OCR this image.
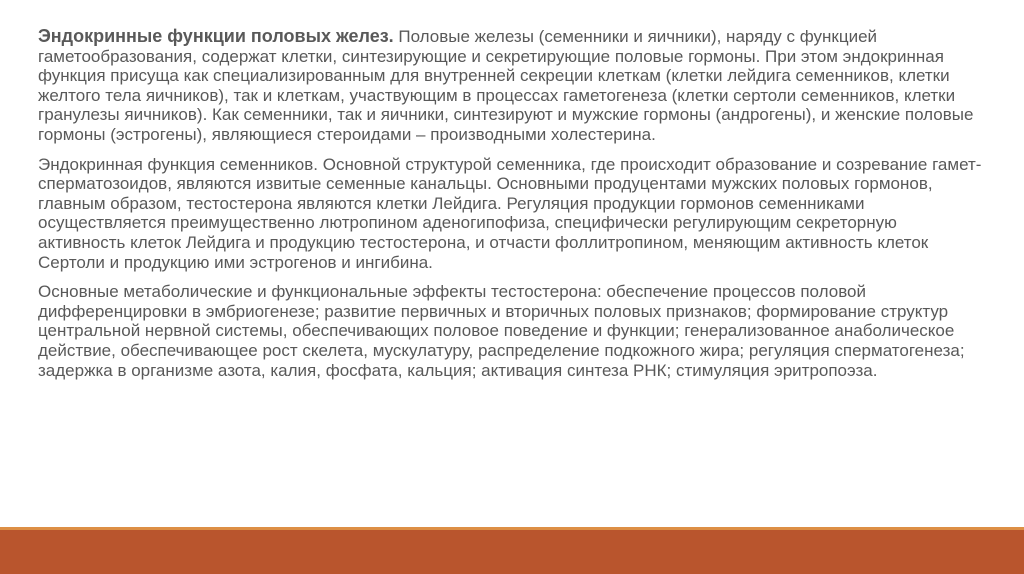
Эндокринные функции половых желез. Половые железы (семенники и яичники), наряду с функцией гаметообразования, содержат клетки, синтезирующие и секретирующие половые гормоны. При этом эндокринная функция присуща как специализированным для внутренней секреции клеткам (клетки лейдига семенников, клетки желтого тела яичников), так и клеткам, участвующим в процессах гаметогенеза (клетки сертоли семенников, клетки гранулезы яичников). Как семенники, так и яичники, синтезируют и мужские гормоны (андрогены), и женские половые гормоны (эстрогены), являющиеся стероидами – производными холестерина.

Эндокринная функция семенников. Основной структурой семенника, где происходит образование и созревание гамет-сперматозоидов, являются извитые семенные канальцы. Основными продуцентами мужских половых гормонов, главным образом, тестостерона являются клетки Лейдига. Регуляция продукции гормонов семенниками осуществляется преимущественно лютропином аденогипофиза, специфически регулирующим секреторную активность клеток Лейдига и продукцию тестостерона, и отчасти фоллитропином, меняющим активность клеток Сертоли и продукцию ими эстрогенов и ингибина.

Основные метаболические и функциональные эффекты тестостерона: обеспечение процессов половой дифференцировки в эмбриогенезе; развитие первичных и вторичных половых признаков; формирование структур центральной нервной системы, обеспечивающих половое поведение и функции; генерализованное анаболическое действие, обеспечивающее рост скелета, мускулатуру, распределение подкожного жира; регуляция сперматогенеза; задержка в организме азота, калия, фосфата, кальция; активация синтеза РНК; стимуляция эритропоэза.
